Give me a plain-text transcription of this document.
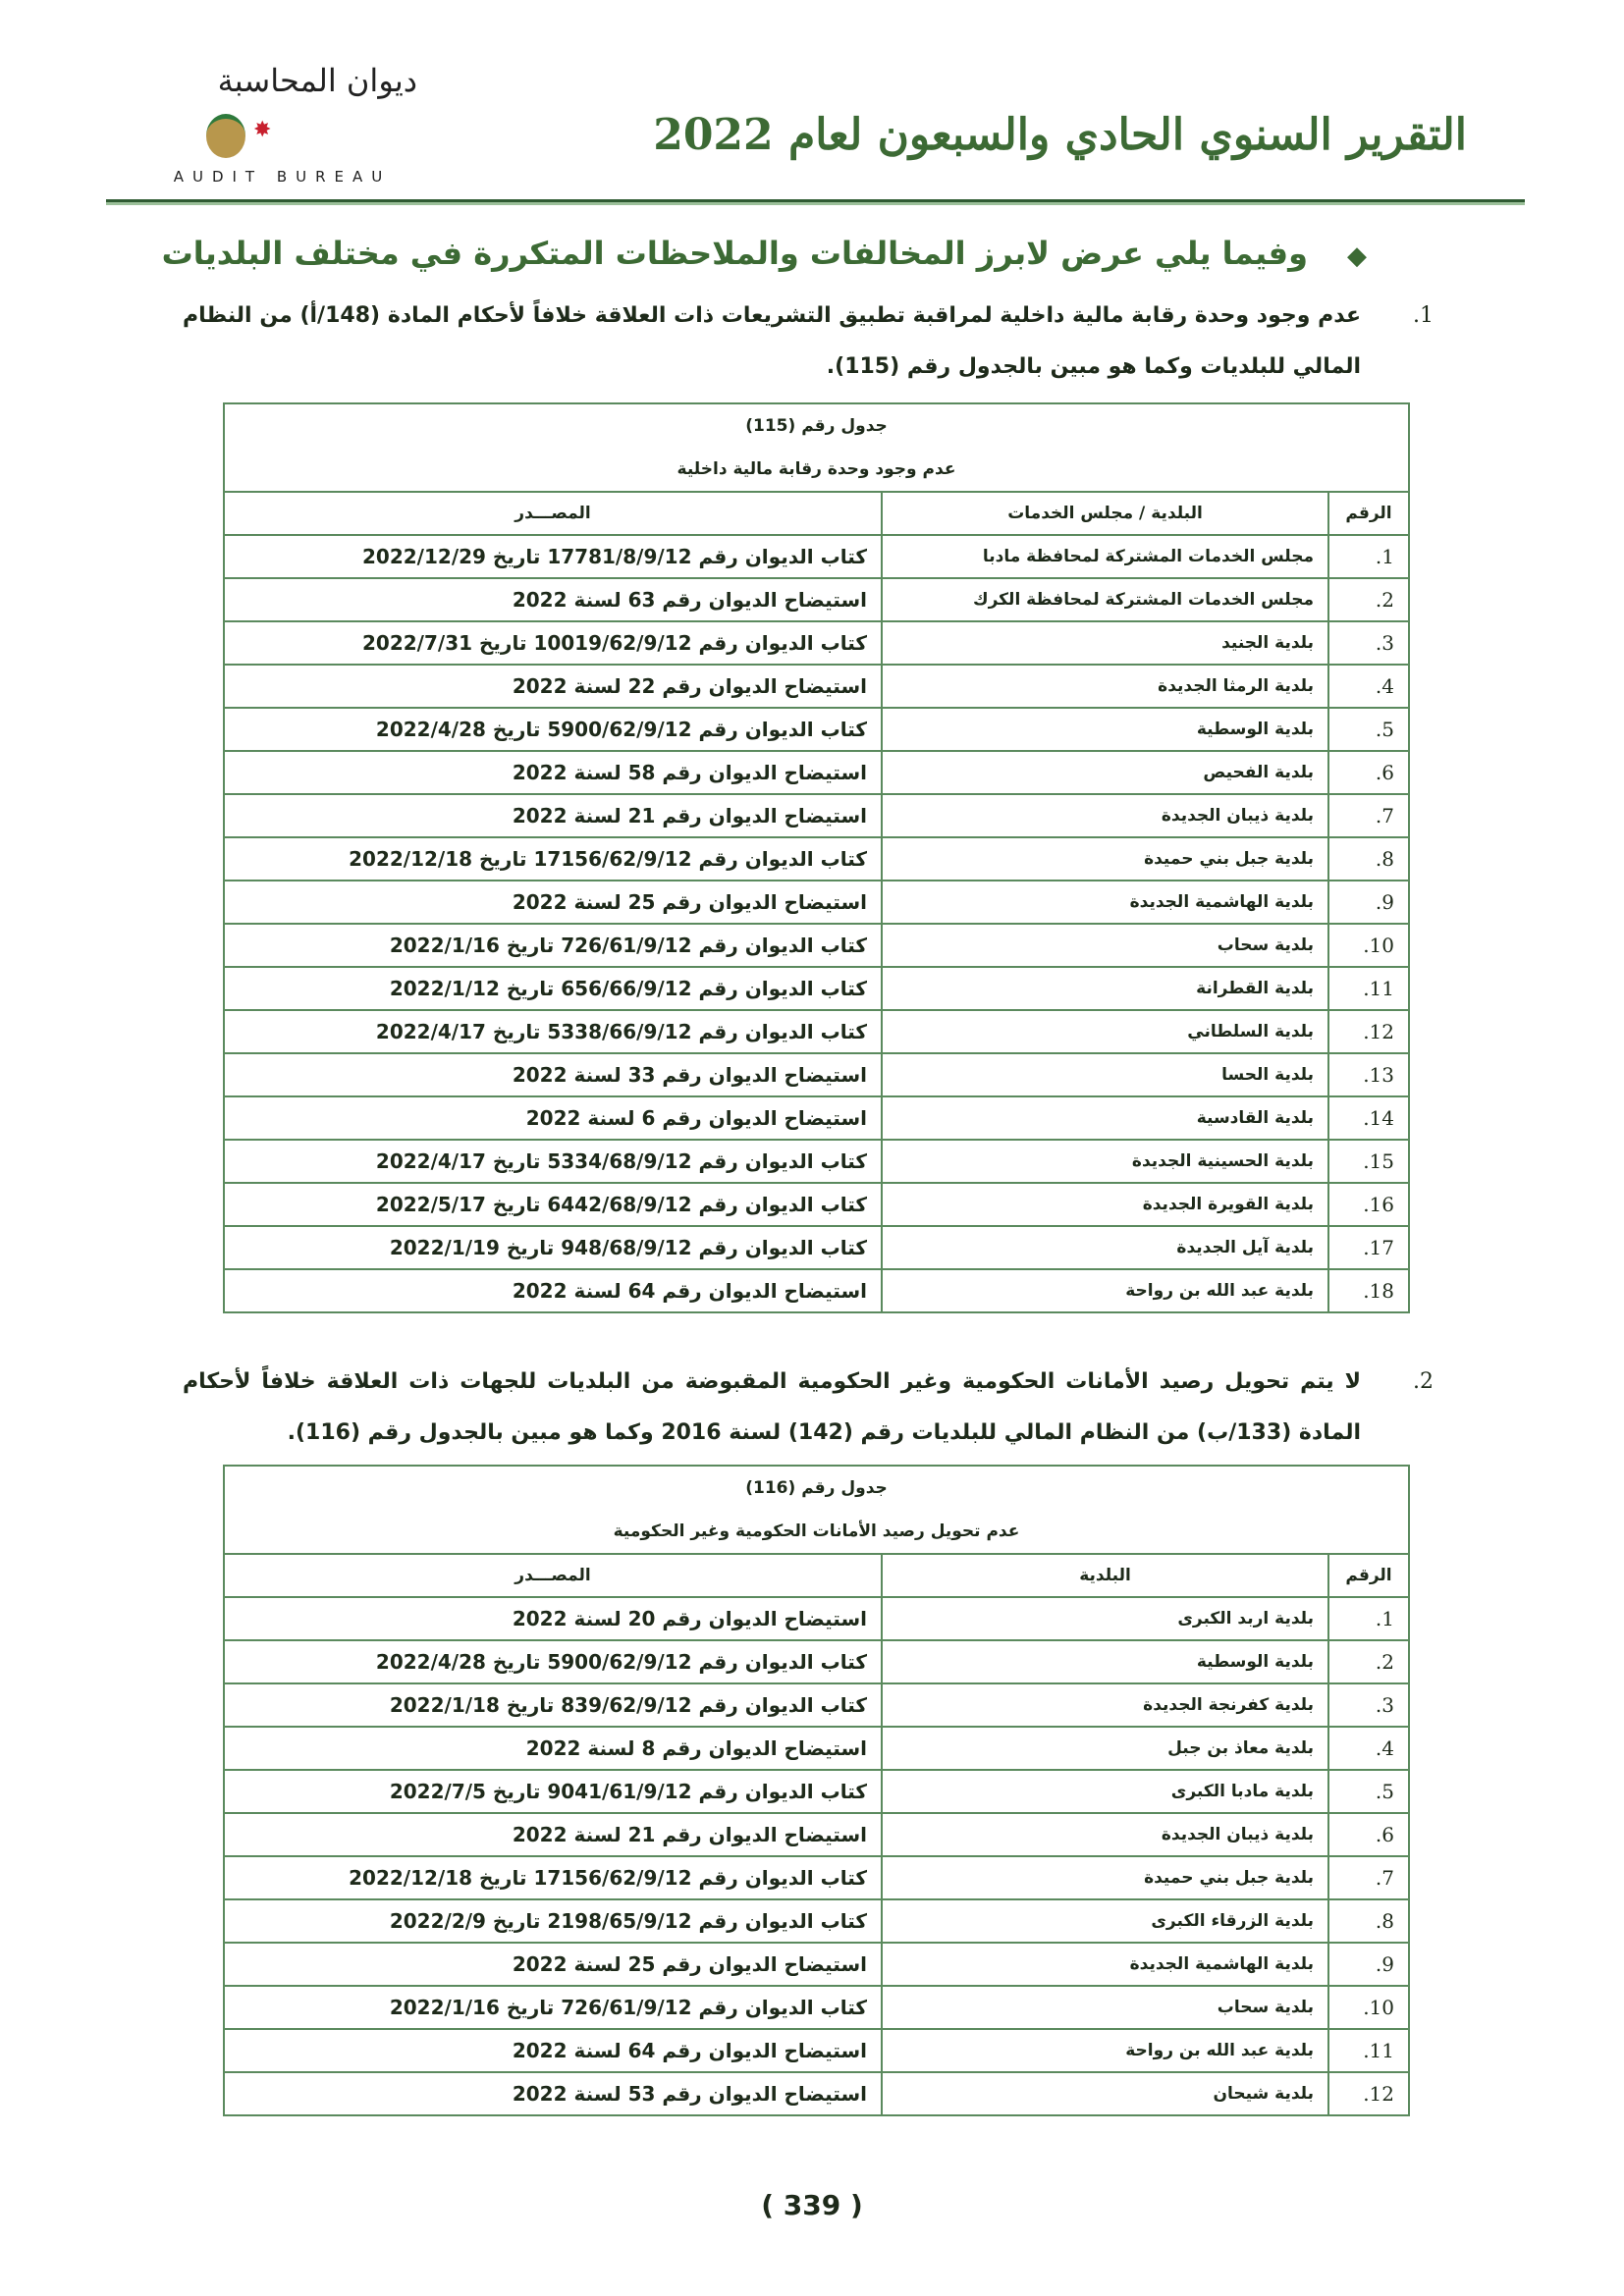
ديوان المحاسبة
✸
AUDIT BUREAU
التقرير السنوي الحادي والسبعون لعام 2022
◆وفيما يلي عرض لابرز المخالفات والملاحظات المتكررة في مختلف البلديات
1.
عدم وجود وحدة رقابة مالية داخلية لمراقبة تطبيق التشريعات ذات العلاقة خلافاً لأحكام المادة (148/أ) من النظام المالي للبلديات وكما هو مبين بالجدول رقم (115).
جدول رقم (115)		
عدم وجود وحدة رقابة مالية داخلية		
الرقم	البلدية / مجلس الخدمات	المصـــدر
1.	مجلس الخدمات المشتركة لمحافظة مادبا	كتاب الديوان رقم 17781/8/9/12 تاريخ 2022/12/29
2.	مجلس الخدمات المشتركة لمحافظة الكرك	استيضاح الديوان رقم 63 لسنة 2022
3.	بلدية الجنيد	كتاب الديوان رقم 10019/62/9/12 تاريخ 2022/7/31
4.	بلدية الرمثا الجديدة	استيضاح الديوان رقم 22 لسنة 2022
5.	بلدية الوسطية	كتاب الديوان رقم 5900/62/9/12 تاريخ 2022/4/28
6.	بلدية الفحيص	استيضاح الديوان رقم 58 لسنة 2022
7.	بلدية ذيبان الجديدة	استيضاح الديوان رقم 21 لسنة 2022
8.	بلدية جبل بني حميدة	كتاب الديوان رقم 17156/62/9/12 تاريخ 2022/12/18
9.	بلدية الهاشمية الجديدة	استيضاح الديوان رقم 25 لسنة 2022
10.	بلدية سحاب	كتاب الديوان رقم 726/61/9/12 تاريخ 2022/1/16
11.	بلدية القطرانة	كتاب الديوان رقم 656/66/9/12 تاريخ 2022/1/12
12.	بلدية السلطاني	كتاب الديوان رقم 5338/66/9/12 تاريخ 2022/4/17
13.	بلدية الحسا	استيضاح الديوان رقم 33 لسنة 2022
14.	بلدية القادسية	استيضاح الديوان رقم 6 لسنة 2022
15.	بلدية الحسينية الجديدة	كتاب الديوان رقم 5334/68/9/12 تاريخ 2022/4/17
16.	بلدية القويرة الجديدة	كتاب الديوان رقم 6442/68/9/12 تاريخ 2022/5/17
17.	بلدية آيل الجديدة	كتاب الديوان رقم 948/68/9/12 تاريخ 2022/1/19
18.	بلدية عبد الله بن رواحة	استيضاح الديوان رقم 64 لسنة 2022
2.
لا يتم تحويل رصيد الأمانات الحكومية وغير الحكومية المقبوضة من البلديات للجهات ذات العلاقة خلافاً لأحكام المادة (133/ب) من النظام المالي للبلديات رقم (142) لسنة 2016 وكما هو مبين بالجدول رقم (116).
جدول رقم (116)		
عدم تحويل رصيد الأمانات الحكومية وغير الحكومية		
الرقم	البلدية	المصـــدر
1.	بلدية اربد الكبرى	استيضاح الديوان رقم 20 لسنة 2022
2.	بلدية الوسطية	كتاب الديوان رقم 5900/62/9/12 تاريخ 2022/4/28
3.	بلدية كفرنجة الجديدة	كتاب الديوان رقم 839/62/9/12 تاريخ 2022/1/18
4.	بلدية معاذ بن جبل	استيضاح الديوان رقم 8 لسنة 2022
5.	بلدية مادبا الكبرى	كتاب الديوان رقم 9041/61/9/12 تاريخ 2022/7/5
6.	بلدية ذيبان الجديدة	استيضاح الديوان رقم 21 لسنة 2022
7.	بلدية جبل بني حميدة	كتاب الديوان رقم 17156/62/9/12 تاريخ 2022/12/18
8.	بلدية الزرقاء الكبرى	كتاب الديوان رقم 2198/65/9/12 تاريخ 2022/2/9
9.	بلدية الهاشمية الجديدة	استيضاح الديوان رقم 25 لسنة 2022
10.	بلدية سحاب	كتاب الديوان رقم 726/61/9/12 تاريخ 2022/1/16
11.	بلدية عبد الله بن رواحة	استيضاح الديوان رقم 64 لسنة 2022
12.	بلدية شيحان	استيضاح الديوان رقم 53 لسنة 2022
( 339 )
